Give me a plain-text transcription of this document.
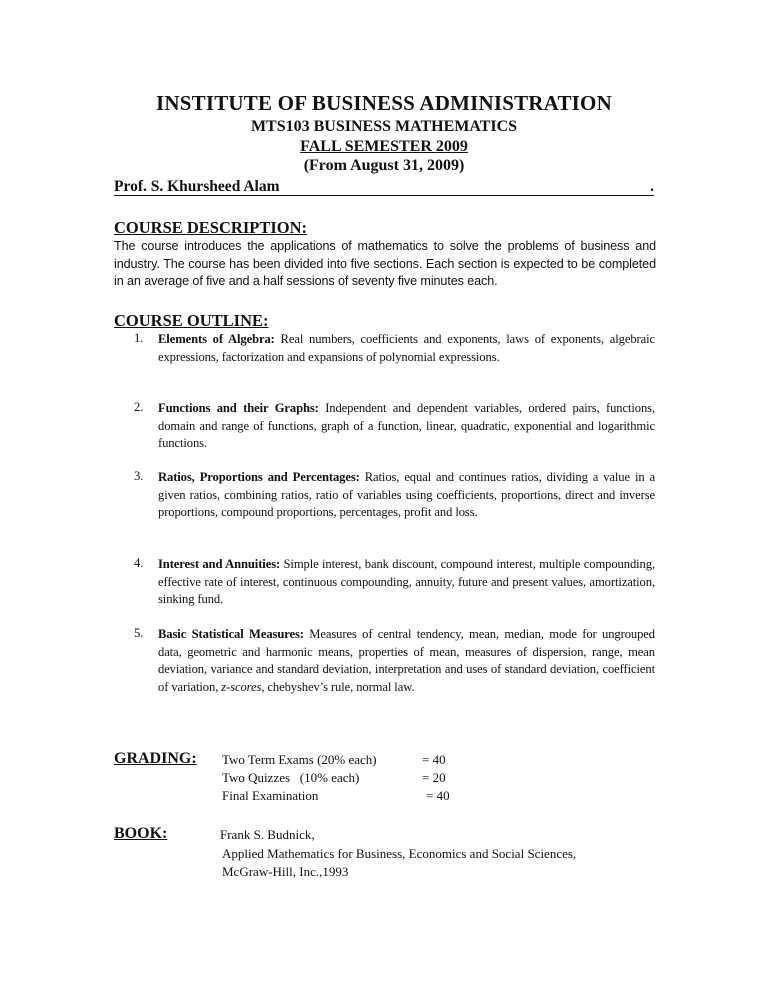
INSTITUTE OF BUSINESS ADMINISTRATION
MTS103 BUSINESS MATHEMATICS
FALL SEMESTER 2009
(From August 31, 2009)
Prof. S. Khursheed Alam	.
COURSE DESCRIPTION:
The course introduces the applications of mathematics to solve the problems of business and industry. The course has been divided into five sections. Each section is expected to be completed in an average of five and a half sessions of seventy five minutes each.
COURSE OUTLINE:
1. Elements of Algebra: Real numbers, coefficients and exponents, laws of exponents, algebraic expressions, factorization and expansions of polynomial expressions.
2. Functions and their Graphs: Independent and dependent variables, ordered pairs, functions, domain and range of functions, graph of a function, linear, quadratic, exponential and logarithmic functions.
3. Ratios, Proportions and Percentages: Ratios, equal and continues ratios, dividing a value in a given ratios, combining ratios, ratio of variables using coefficients, proportions, direct and inverse proportions, compound proportions, percentages, profit and loss.
4. Interest and Annuities: Simple interest, bank discount, compound interest, multiple compounding, effective rate of interest, continuous compounding, annuity, future and present values, amortization, sinking fund.
5. Basic Statistical Measures: Measures of central tendency, mean, median, mode for ungrouped data, geometric and harmonic means, properties of mean, measures of dispersion, range, mean deviation, variance and standard deviation, interpretation and uses of standard deviation, coefficient of variation, z-scores, chebyshev’s rule, normal law.
GRADING: Two Term Exams (20% each)	= 40
Two Quizzes   (10% each)	= 20
Final Examination	= 40
BOOK:	Frank S. Budnick,
Applied Mathematics for Business, Economics and Social Sciences,
McGraw-Hill, Inc.,1993
